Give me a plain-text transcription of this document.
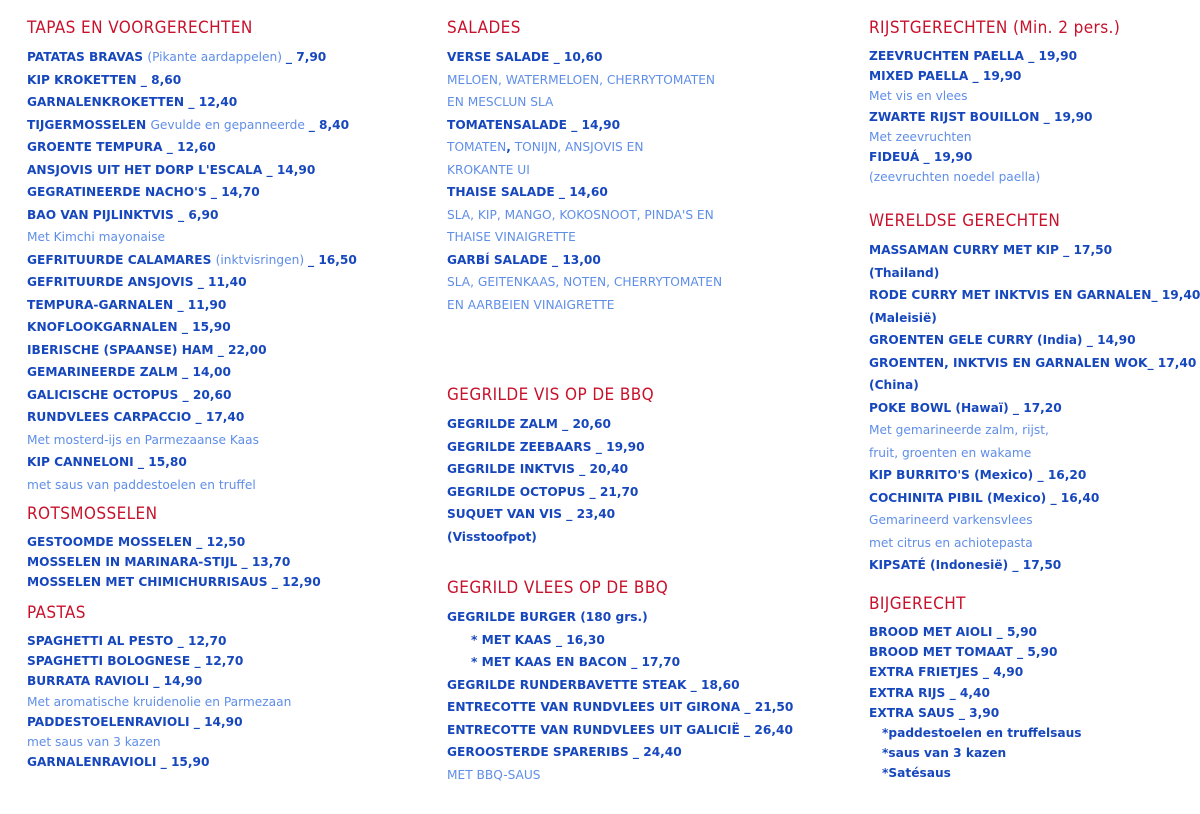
TAPAS EN VOORGERECHTEN
PATATAS BRAVAS (Pikante aardappelen) _ 7,90
KIP KROKETTEN _ 8,60
GARNALENKROKETTEN _ 12,40
TIJGERMOSSELEN Gevulde en gepanneerde _ 8,40
GROENTE TEMPURA _ 12,60
ANSJOVIS UIT HET DORP L'ESCALA _ 14,90
GEGRATINEERDE NACHO'S _ 14,70
BAO VAN PIJLINKTVIS _ 6,90
Met Kimchi mayonaise
GEFRITUURDE CALAMARES (inktvisringen) _ 16,50
GEFRITUURDE ANSJOVIS _ 11,40
TEMPURA-GARNALEN _ 11,90
KNOFLOOKGARNALEN _ 15,90
IBERISCHE (SPAANSE) HAM _ 22,00
GEMARINEERDE ZALM _ 14,00
GALICISCHE OCTOPUS _ 20,60
RUNDVLEES CARPACCIO _ 17,40
Met mosterd-ijs en Parmezaanse Kaas
KIP CANNELONI _ 15,80
met saus van paddestoelen en truffel
ROTSMOSSELEN
GESTOOMDE MOSSELEN _ 12,50
MOSSELEN IN MARINARA-STIJL _ 13,70
MOSSELEN MET CHIMICHURRISAUS _ 12,90
PASTAS
SPAGHETTI AL PESTO _ 12,70
SPAGHETTI BOLOGNESE _ 12,70
BURRATA RAVIOLI _ 14,90
Met aromatische kruidenolie en Parmezaan
PADDESTOELENRAVIOLI _ 14,90
met saus van 3 kazen
GARNALENRAVIOLI _ 15,90
SALADES
VERSE SALADE _ 10,60
MELOEN, WATERMELOEN, CHERRYTOMATEN
EN MESCLUN SLA
TOMATENSALADE _ 14,90
TOMATEN, TONIJN, ANSJOVIS EN
KROKANTE UI
THAISE SALADE _ 14,60
SLA, KIP, MANGO, KOKOSNOOT, PINDA'S EN
THAISE VINAIGRETTE
GARBÍ SALADE _ 13,00
SLA, GEITENKAAS, NOTEN, CHERRYTOMATEN
EN AARBEIEN VINAIGRETTE
GEGRILDE VIS OP DE BBQ
GEGRILDE ZALM _ 20,60
GEGRILDE ZEEBAARS _ 19,90
GEGRILDE INKTVIS _ 20,40
GEGRILDE OCTOPUS _ 21,70
SUQUET VAN VIS _ 23,40
(Visstoofpot)
GEGRILD VLEES OP DE BBQ
GEGRILDE BURGER (180 grs.)
* MET KAAS _ 16,30
* MET KAAS EN BACON _ 17,70
GEGRILDE RUNDERBAVETTE STEAK _ 18,60
ENTRECOTTE VAN RUNDVLEES UIT GIRONA _ 21,50
ENTRECOTTE VAN RUNDVLEES UIT GALICIË _ 26,40
GEROOSTERDE SPARERIBS _ 24,40
MET BBQ-SAUS
RIJSTGERECHTEN (Min. 2 pers.)
ZEEVRUCHTEN PAELLA _ 19,90
MIXED PAELLA _ 19,90
Met vis en vlees
ZWARTE RIJST BOUILLON _ 19,90
Met zeevruchten
FIDEUÁ _ 19,90
(zeevruchten noedel paella)
WERELDSE GERECHTEN
MASSAMAN CURRY MET KIP _ 17,50
(Thailand)
RODE CURRY MET INKTVIS EN GARNALEN_ 19,40
(Maleisië)
GROENTEN GELE CURRY (India) _ 14,90
GROENTEN, INKTVIS EN GARNALEN WOK_ 17,40
(China)
POKE BOWL (Hawaï) _ 17,20
Met gemarineerde zalm, rijst,
fruit, groenten en wakame
KIP BURRITO'S (Mexico) _ 16,20
COCHINITA PIBIL (Mexico) _ 16,40
Gemarineerd varkensvlees
met citrus en achiotepasta
KIPSATÉ (Indonesië) _ 17,50
BIJGERECHT
BROOD MET AIOLI _ 5,90
BROOD MET TOMAAT _ 5,90
EXTRA FRIETJES _ 4,90
EXTRA RIJS _ 4,40
EXTRA SAUS _ 3,90
*paddestoelen en truffelsaus
*saus van 3 kazen
*Satésaus
